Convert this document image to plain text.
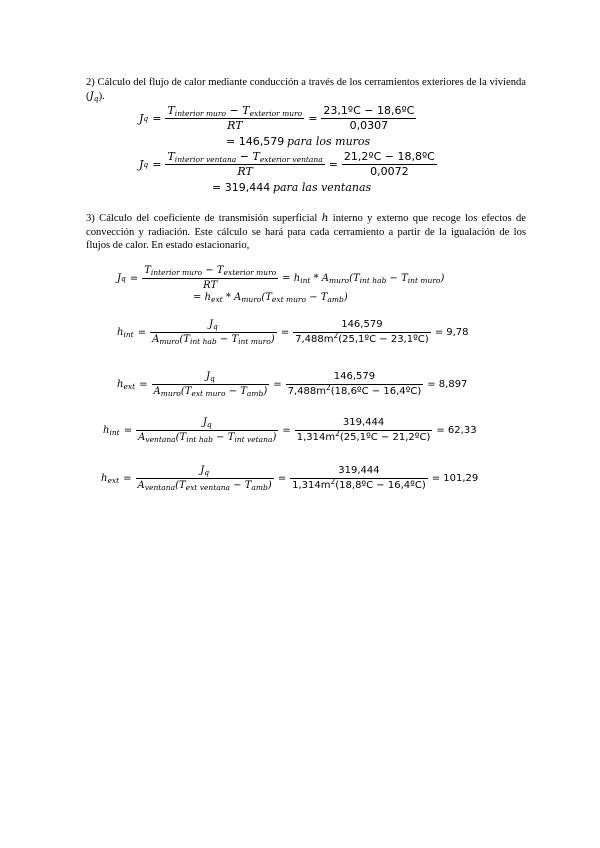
2) Cálculo del flujo de calor mediante conducción a través de los cerramientos exteriores de la vivienda $(J_q)$.
J $q = \frac{T_{interior muro} - T_{exterior muro}}{RT} = \frac{\text{23,1ºC − 18,6ºC}}{0,0307}$
= 146,579 para los muros
J $q = \frac{T_{interior ventana} - T_{exterior ventana}}{RT} = \frac{\text{21,2ºC − 18,8ºC}}{0,0072}$
= 319,444 para las ventanas
3) Cálculo del coeficiente de transmisión superficial h interno y externo que recoge los efectos de convección y radiación. Este cálculo se hará para cada cerramiento a partir de la igualación de los flujos de calor. En estado estacionario,
J $q = \frac{T_{interior muro} - T_{exterior muro}}{RT} = h_{int} * A_{muro}(T_{int hab} - T_{int muro})$
= $h_{ext} * A_{muro}(T_{ext muro} - T_{amb})$
$h_{int} = \frac{J_q}{A_{muro}(T_{int hab} - T_{int muro})} = \frac{146,579}{7,488m^2(25,1ºC - 23,1ºC)} = 9,78$
$h_{ext} = \frac{J_q}{A_{muro}(T_{ext muro} - T_{amb})} = \frac{146,579}{7,488m^2(18,6ºC - 16,4ºC)} = 8,897$
$h_{int} = \frac{J_q}{A_{ventana}(T_{int hab} - T_{int vetana})} = \frac{319,444}{1,314m^2(25,1ºC - 21,2ºC)} = 62,33$
$h_{ext} = \frac{J_q}{A_{ventana}(T_{ext ventana} - T_{amb})} = \frac{319,444}{1,314m^2(18,8ºC - 16,4ºC)} = 101,29$
